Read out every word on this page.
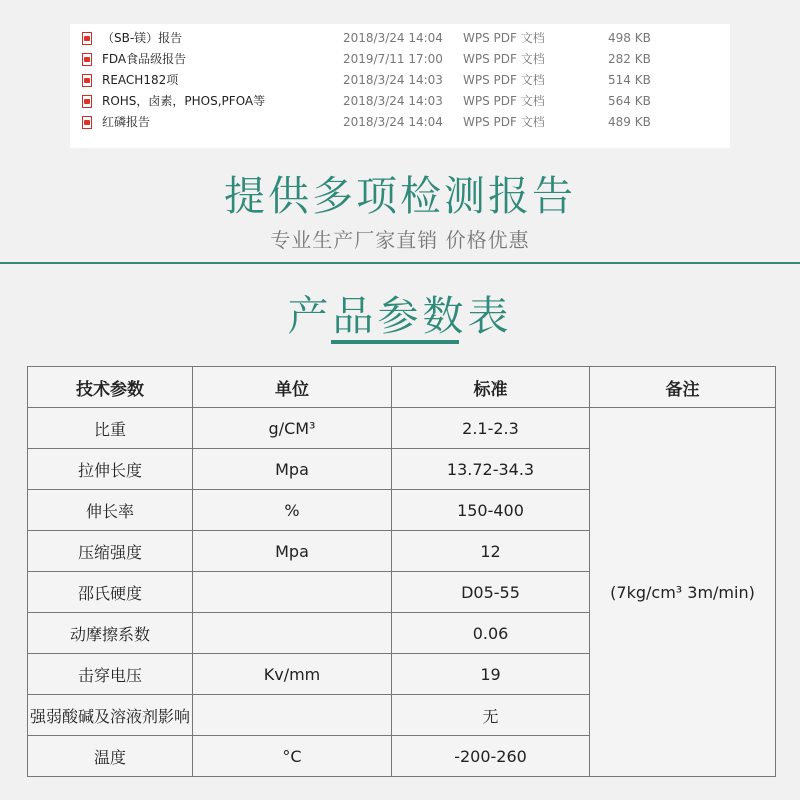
（SB-镁）报告	2018/3/24 14:04 WPS PDF 文档	498 KB
FDA食品级报告	2019/7/11 17:00 WPS PDF 文档	282 KB
REACH182项	2018/3/24 14:03 WPS PDF 文档	514 KB
ROHS，卤素，PHOS,PFOA等	2018/3/24 14:03 WPS PDF 文档	564 KB
红磷报告	2018/3/24 14:04 WPS PDF 文档	489 KB
提供多项检测报告
专业生产厂家直销 价格优惠
产品参数表
技术参数	单位	标准	备注
比重	g/CM³	2.1-2.3	(7kg/cm³ 3m/min)
拉伸长度	Mpa	13.72-34.3	
伸长率	%	150-400	
压缩强度	Mpa	12	
邵氏硬度		D05-55	
动摩擦系数		0.06	
击穿电压	Kv/mm	19	
强弱酸碱及溶液剂影响		无	
温度	°C	-200-260	
